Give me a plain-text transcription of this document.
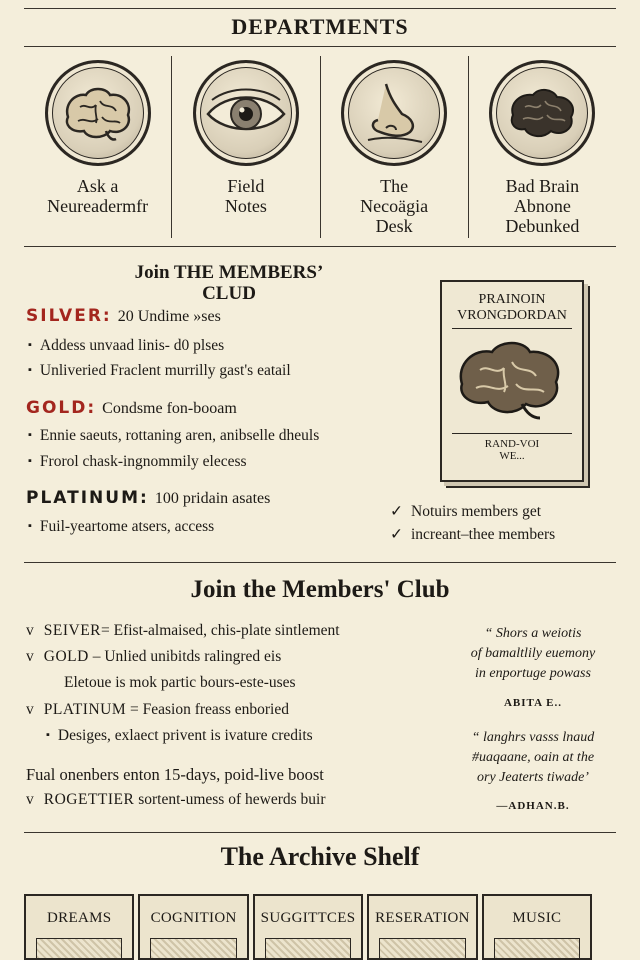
DEPARTMENTS
Ask a
Neureadermfr
Field
Notes
The
Necoägia
Desk
Bad Brain
Abnone
Debunked
Join THE MEMBERS’
CLUD
SILVER: 20 Undime »ses
▪ Addess unvaad linis- d0 plses
▪ Unliveried Fraclent murrilly gast's eatail
GOLD: Condsme fon-booam
▪ Ennie saeuts, rottaning aren, anibselle dheuls
▪ Frorol chask-ingnommily elecess
PLATINUM: 100 pridain asates
▪ Fuil-yeartome atsers, access
PRAINOIN
VRONGDORDAN
RAND-VOI
WE...
✓ Notuirs members get
✓ increant–thee members
Join the Members' Club
v SEIVER= Efist-almaised, chis-plate sintlement
v GOLD – Unlied unibitds ralingred eis
Eletoue is mok partic bours-este-uses
v PLATINUM = Feasion freass enboried
▪ Desiges, exlaect privent is ivature credits
Fual onenbers enton 15-days, poid-live boost
v ROGETTIER sortent-umess of hewerds buir
“ Shors a weiotis
of bamaltlily euemony
in enportuge powass
ABITA E..
“ langhrs vasss lnaud
#uaqaane, oain at the
ory Jeaterts tiwade’
—ADHAN.B.
The Archive Shelf
DREAMS	COGNITION	SUGGITTCES	RESERATION	MUSIC
